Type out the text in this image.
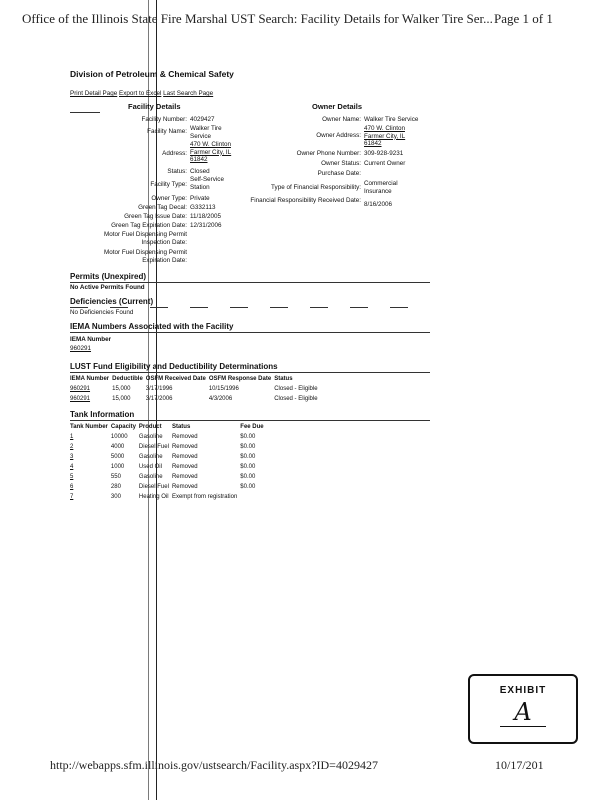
Office of the Illinois State Fire Marshal UST Search: Facility Details for Walker Tire Ser... Page 1 of 1
Division of Petroleum & Chemical Safety
Print Detail Page Export to Excel Last Search Page
Facility Details
Facility Number: 4029427
Facility Name: Walker Tire Service
Address:
470 W. Clinton Farmer City, IL 61842
Status: Closed
Facility Type:
Self-Service Station
Owner Type: Private
Green Tag Decal: G332113
Green Tag Issue Date: 11/18/2005
Green Tag Expiration Date: 12/31/2006
Motor Fuel Dispensing Permit Inspection Date:
Motor Fuel Dispensing Permit Expiration Date:
Owner Details
Owner Name: Walker Tire Service
Owner Address:
470 W. Clinton Farmer City, IL 61842
Owner Phone Number: 309-928-9231
Owner Status: Current Owner
Purchase Date:
Type of Financial Responsibility:
Commercial Insurance
Financial Responsibility Received Date:
8/16/2006
Permits (Unexpired)
No Active Permits Found
Deficiencies (Current)
No Deficiencies Found
IEMA Numbers Associated with the Facility
IEMA Number
960291
LUST Fund Eligibility and Deductibility Determinations
IEMA Number	Deductible	OSFM Received Date	OSFM Response Date	Status
960291	15,000	3/17/1996	10/15/1996	Closed - Eligible
960291	15,000	3/17/2006	4/3/2006	Closed - Eligible
Tank Information
Tank Number	Capacity	Product	Status	Fee Due
1	10000	Gasoline	Removed	$0.00
2	4000	Diesel Fuel	Removed	$0.00
3	5000	Gasoline	Removed	$0.00
4	1000	Used Oil	Removed	$0.00
5	550	Gasoline	Removed	$0.00
6	280	Diesel Fuel	Removed	$0.00
7	300	Heating Oil	Exempt from registration	
EXHIBIT
A
http://webapps.sfm.illinois.gov/ustsearch/Facility.aspx?ID=4029427	10/17/201
